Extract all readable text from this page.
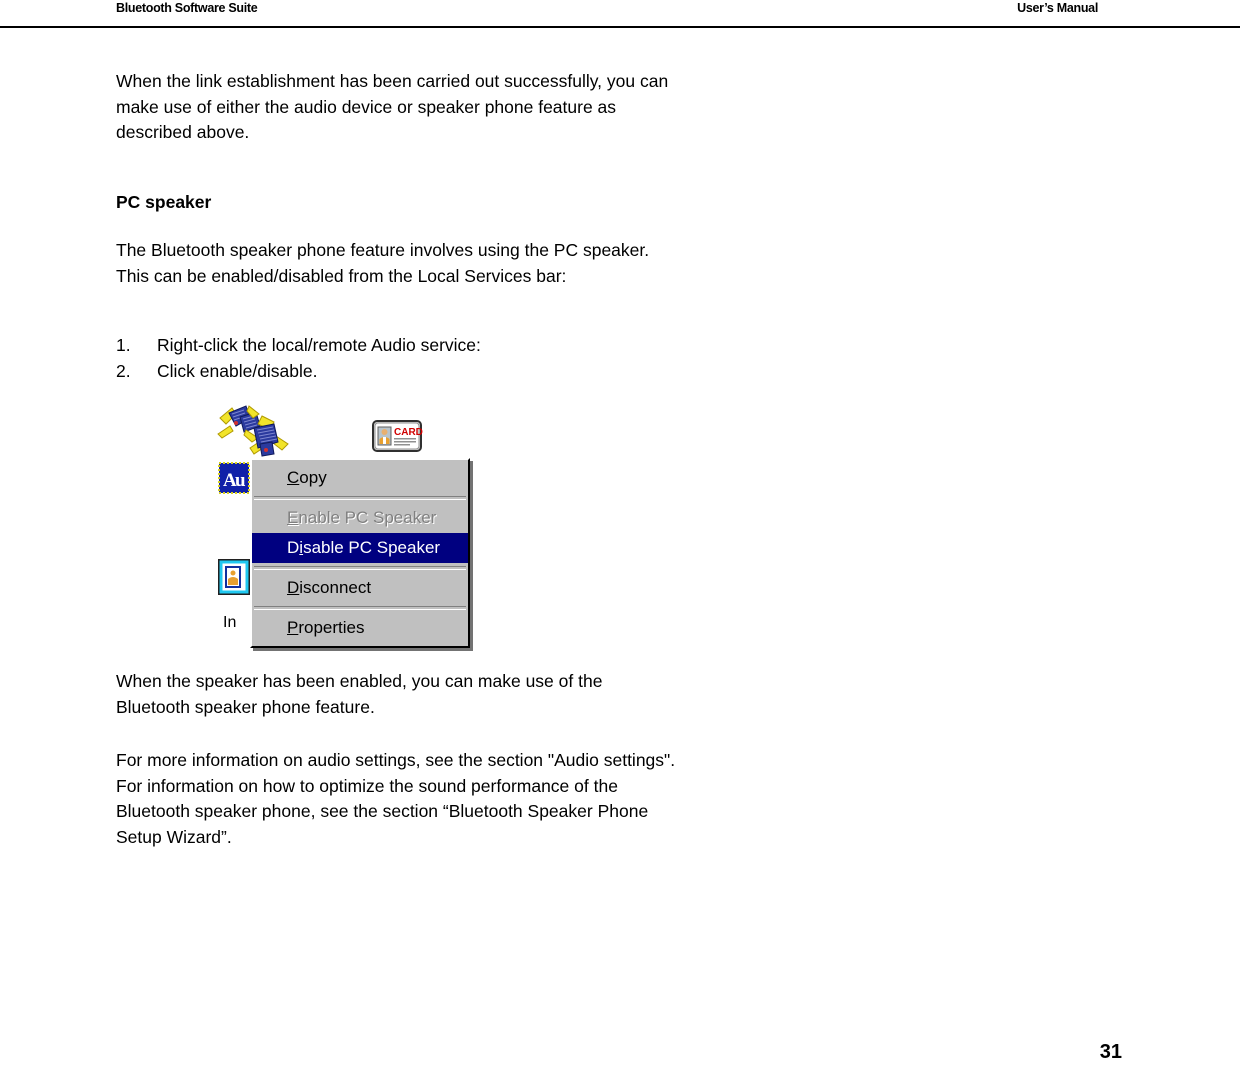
Bluetooth Software Suite	User’s Manual
When the link establishment has been carried out successfully, you can make use of either the audio device or speaker phone feature as described above.
PC speaker
The Bluetooth speaker phone feature involves using the PC speaker. This can be enabled/disabled from the Local Services bar:
1.	Right-click the local/remote Audio service:
2.	Click enable/disable.
CARD
A
u
In
Copy
Enable PC Speaker
Disable PC Speaker
Disconnect
Properties
When the speaker has been enabled, you can make use of the Bluetooth speaker phone feature.
For more information on audio settings, see the section "Audio settings". For information on how to optimize the sound performance of the Bluetooth speaker phone, see the section “Bluetooth Speaker Phone Setup Wizard”.
31
